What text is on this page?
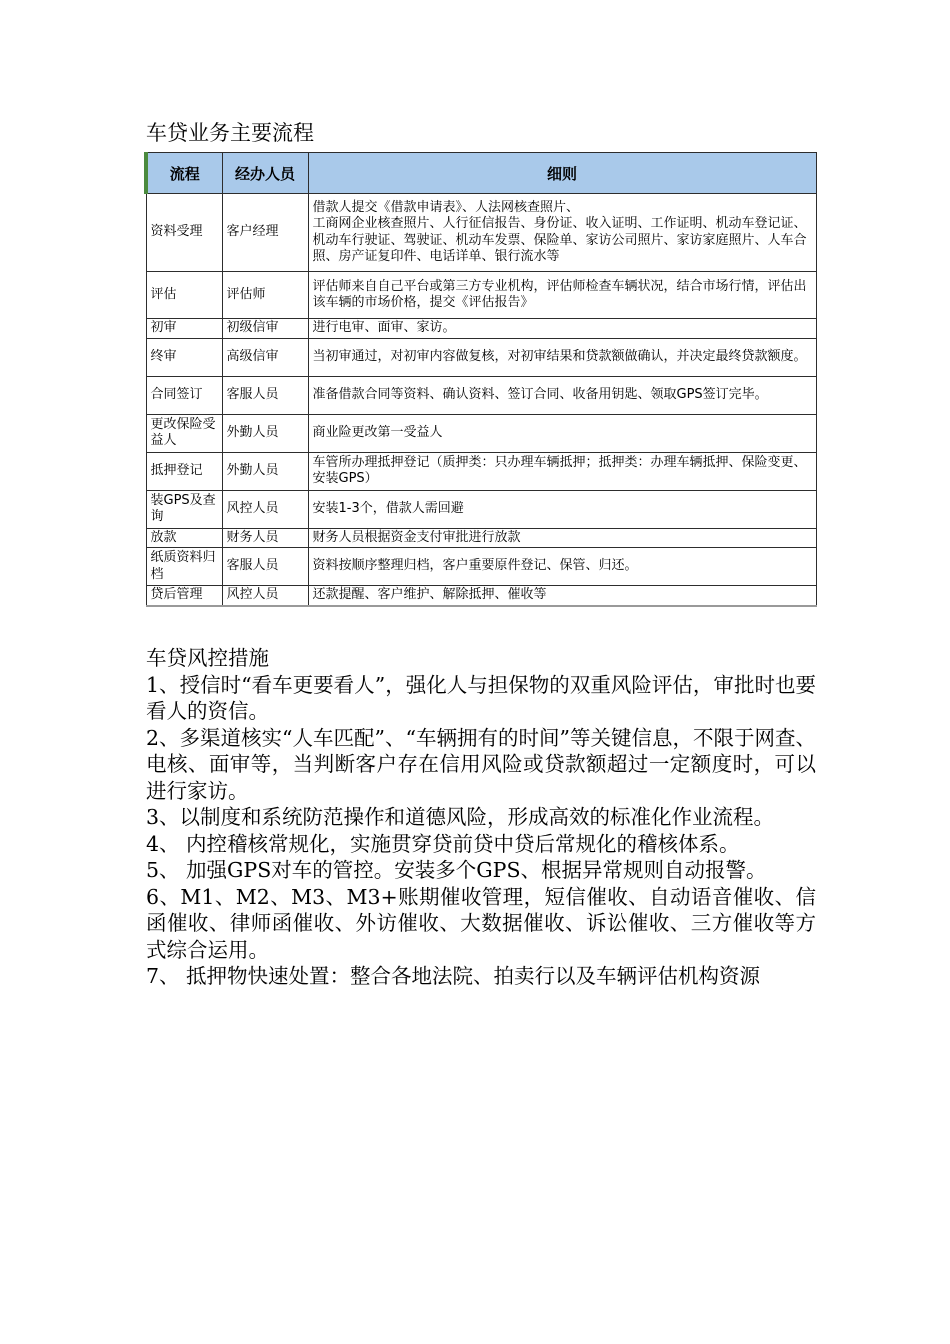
车贷业务主要流程
流程	经办人员	细则
资料受理	客户经理	借款人提交《借款申请表》、人法网核查照片、
工商网企业核查照片、人行征信报告、身份证、收入证明、工作证明、机动车登记证、机动车行驶证、驾驶证、机动车发票、保险单、家访公司照片、家访家庭照片、人车合照、房产证复印件、电话详单、银行流水等
评估	评估师	评估师来自自己平台或第三方专业机构，评估师检查车辆状况，结合市场行情，评估出该车辆的市场价格，提交《评估报告》
初审	初级信审	进行电审、面审、家访。
终审	高级信审	当初审通过，对初审内容做复核，对初审结果和贷款额做确认，并决定最终贷款额度。
合同签订	客服人员	准备借款合同等资料、确认资料、签订合同、收备用钥匙、领取GPS签订完毕。
更改保险受益人	外勤人员	商业险更改第一受益人
抵押登记	外勤人员	车管所办理抵押登记（质押类：只办理车辆抵押；抵押类：办理车辆抵押、保险变更、安装GPS）
装GPS及查询	风控人员	安装1-3个，借款人需回避
放款	财务人员	财务人员根据资金支付审批进行放款
纸质资料归档	客服人员	资料按顺序整理归档，客户重要原件登记、保管、归还。
贷后管理	风控人员	还款提醒、客户维护、解除抵押、催收等
车贷风控措施
1、授信时“看车更要看人”，强化人与担保物的双重风险评估，审批时也要看人的资信。
2、多渠道核实“人车匹配”、“车辆拥有的时间”等关键信息，不限于网查、电核、面审等，当判断客户存在信用风险或贷款额超过一定额度时，可以进行家访。
3、以制度和系统防范操作和道德风险，形成高效的标准化作业流程。
4、 内控稽核常规化，实施贯穿贷前贷中贷后常规化的稽核体系。
5、 加强GPS对车的管控。安装多个GPS、根据异常规则自动报警。
6、M1、M2、M3、M3+账期催收管理，短信催收、自动语音催收、信函催收、律师函催收、外访催收、大数据催收、诉讼催收、三方催收等方式综合运用。
7、 抵押物快速处置：整合各地法院、拍卖行以及车辆评估机构资源
